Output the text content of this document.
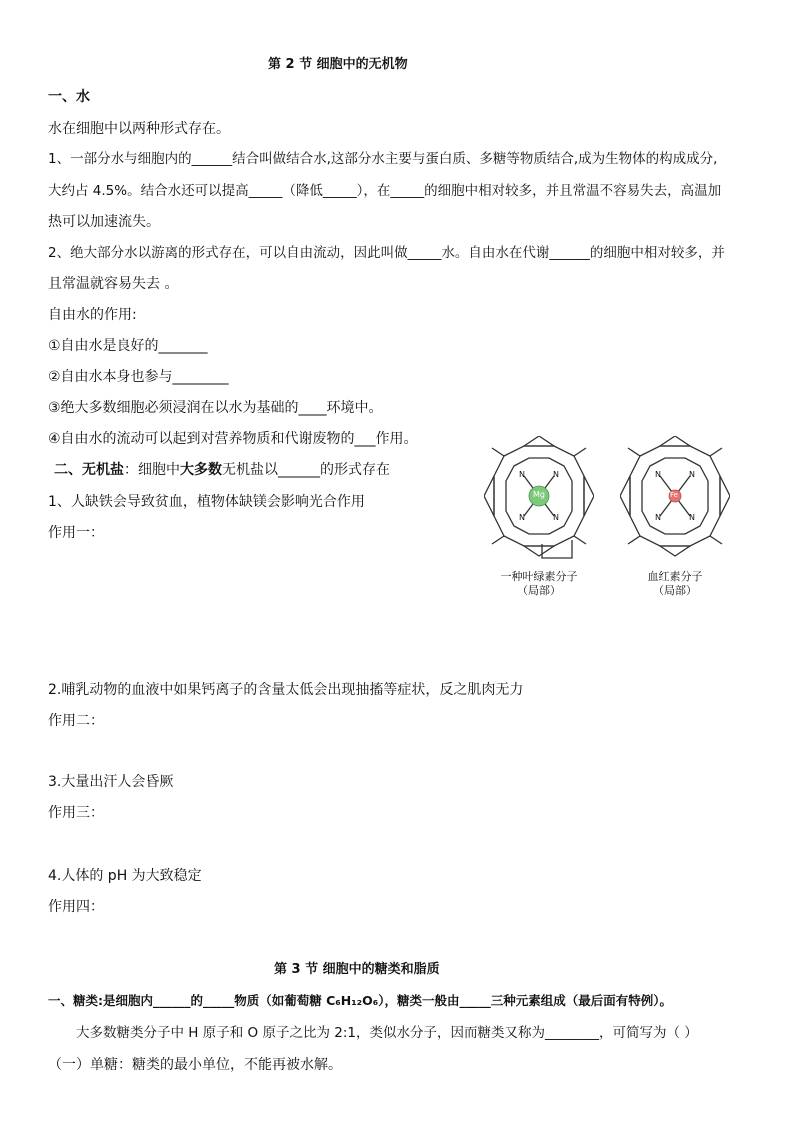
第 2 节 细胞中的无机物
一、水
水在细胞中以两种形式存在。
1、一部分水与细胞内的______结合叫做结合水,这部分水主要与蛋白质、多糖等物质结合,成为生物体的构成成分,
大约占 4.5%。结合水还可以提高_____（降低_____），在_____的细胞中相对较多，并且常温不容易失去，高温加
热可以加速流失。
2、绝大部分水以游离的形式存在，可以自由流动，因此叫做_____水。自由水在代谢______的细胞中相对较多，并
且常温就容易失去 。
自由水的作用:
①自由水是良好的_______
②自由水本身也参与________
③绝大多数细胞必须浸润在以水为基础的____环境中。
④自由水的流动可以起到对营养物质和代谢废物的___作用。
二、无机盐：细胞中大多数无机盐以______的形式存在
1、人缺铁会导致贫血，植物体缺镁会影响光合作用
作用一：
2.哺乳动物的血液中如果钙离子的含量太低会出现抽搐等症状，反之肌肉无力
作用二：
3.大量出汗人会昏厥
作用三：
4.人体的 pH 为大致稳定
作用四：
Mg
N	N
N	N
Fe
N	N
N	N
一种叶绿素分子
（局部）
血红素分子
（局部）
第 3 节 细胞中的糖类和脂质
一、糖类:是细胞内______的_____物质（如葡萄糖 C₆H₁₂O₆），糖类一般由_____三种元素组成（最后面有特例）。
大多数糖类分子中 H 原子和 O 原子之比为 2:1，类似水分子，因而糖类又称为________，可简写为（ ）
（一）单糖：糖类的最小单位，不能再被水解。
